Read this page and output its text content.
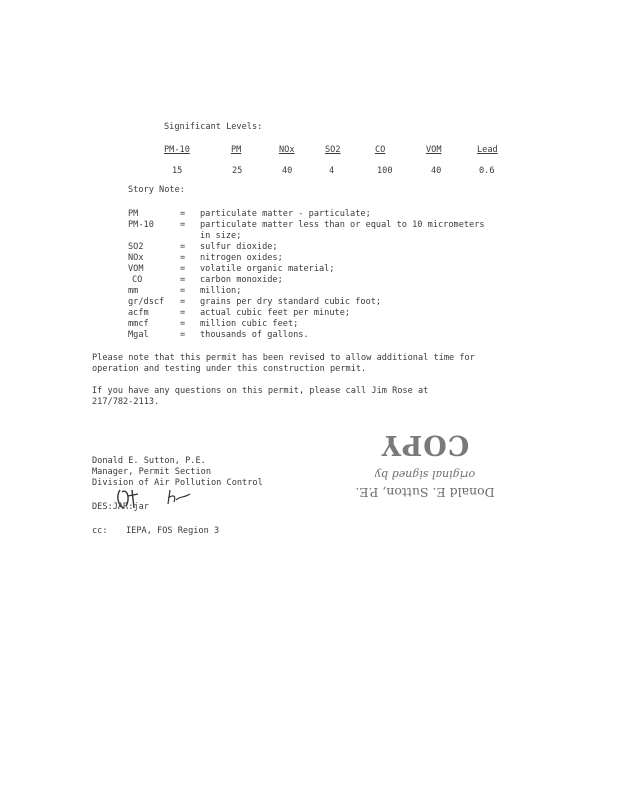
Significant Levels:
PM-10	PM	NOx	SO2	CO	VOM	Lead
15	25	40	4	100	40	0.6
Story Note:
PM	= particulate matter - particulate;
PM-10	= particulate matter less than or equal to 10 micrometers
in size;
SO2	= sulfur dioxide;
NOx	= nitrogen oxides;
VOM	= volatile organic material;
CO	= carbon monoxide;
mm	= million;
gr/dscf = grains per dry standard cubic foot;
acfm	= actual cubic feet per minute;
mmcf	= million cubic feet;
Mgal	= thousands of gallons.
Please note that this permit has been revised to allow additional time for
operation and testing under this construction permit.
If you have any questions on this permit, please call Jim Rose at
217/782-2113.
Donald E. Sutton, P.E.
original signed by
COPY
Donald E. Sutton, P.E.
Manager, Permit Section
Division of Air Pollution Control
DES:JAR:jar
cc: IEPA, FOS Region 3
